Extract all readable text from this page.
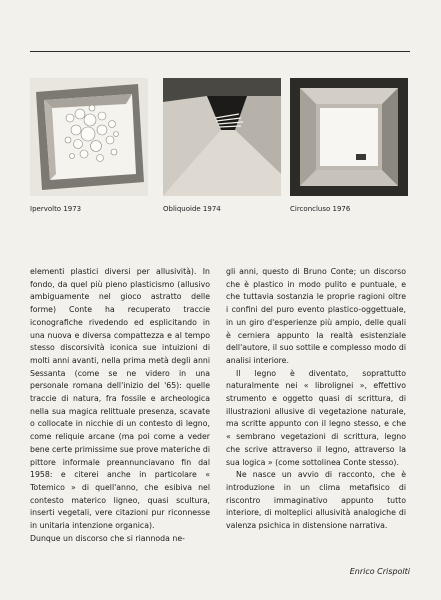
Ipervolto 1973	Obliquoide 1974	Circoncluso 1976

elementi plastici diversi per allusività). In fondo, da quel più pieno plasticismo (allusivo ambiguamente nel gioco astratto delle forme) Conte ha recuperato traccie iconografiche rivedendo ed esplicitando in una nuova e diversa compattezza e al tempo stesso discorsività iconica sue intuizioni di molti anni avanti, nella prima metà degli anni Sessanta (come se ne videro in una personale romana dell'inizio del '65): quelle traccie di natura, fra fossile e archeologica nella sua magica relittuale presenza, scavate o collocate in nicchie di un contesto di legno, come reliquie arcane (ma poi come a veder bene certe primissime sue prove materiche di pittore informale preannunciavano fin dal 1958: e citerei anche in particolare « Totemico » di quell'anno, che esibiva nel contesto materico ligneo, quasi scultura, inserti vegetali, vere citazioni pur riconnesse in unitaria intenzione organica).

Dunque un discorso che si riannoda ne-

gli anni, questo di Bruno Conte; un discorso che è plastico in modo pulito e puntuale, e che tuttavia sostanzia le proprie ragioni oltre i confini del puro evento plastico-oggettuale, in un giro d'esperienze più ampio, delle quali è cerniera appunto la realtà esistenziale dell'autore, il suo sottile e complesso modo di analisi interiore.

Il legno è diventato, soprattutto naturalmente nei « librolignei », effettivo strumento e oggetto quasi di scrittura, di illustrazioni allusive di vegetazione naturale, ma scritte appunto con il legno stesso, e che « sembrano vegetazioni di scrittura, legno che scrive attraverso il legno, attraverso la sua logica » (come sottolinea Conte stesso).

Ne nasce un avvio di racconto, che è introduzione in un clima metafisico di riscontro immaginativo appunto tutto interiore, di molteplici allusività analogiche di valenza psichica in distensione narrativa.

Enrico Crispolti
